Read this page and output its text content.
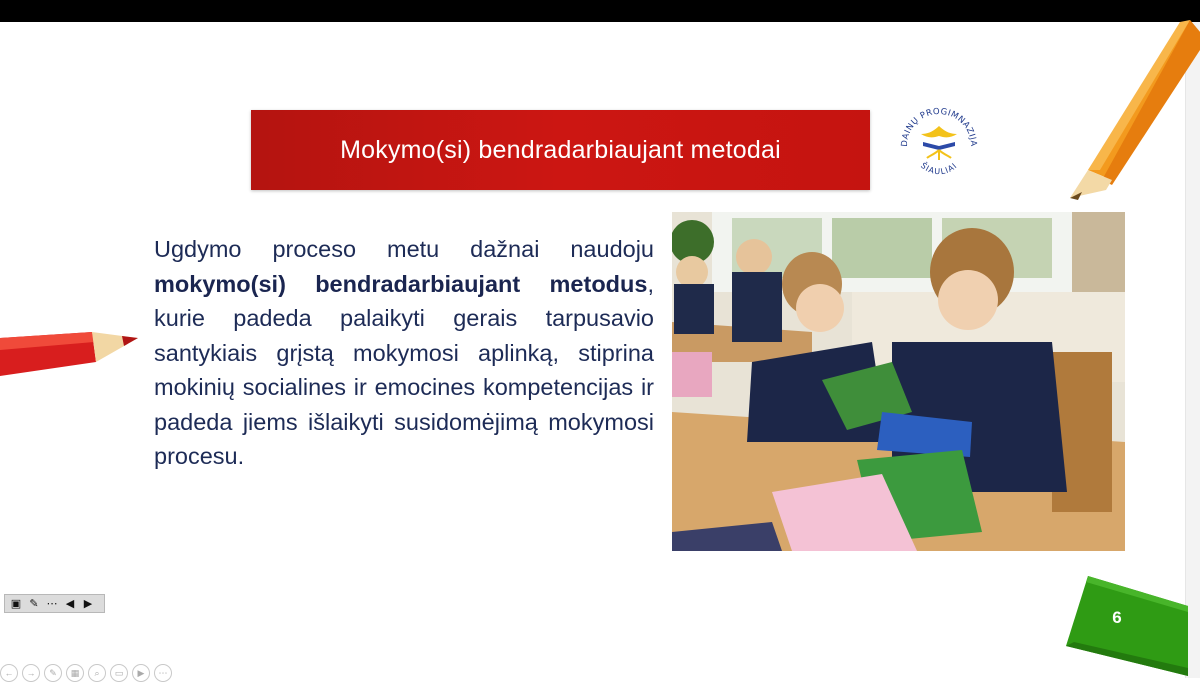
Mokymo(si) bendradarbiaujant metodai	DAINŲ PROGIMNAZIJA
ŠIAULIAI
Ugdymo proceso metu dažnai naudoju mokymo(si) bendradarbiaujant metodus, kurie padeda palaikyti gerais tarpusavio santykiais grįstą mokymosi aplinką, stiprina mokinių socialines ir emocines kompetencijas ir padeda jiems išlaikyti susidomėjimą mokymosi procesu.
▣ ✎ ⋯ ◀ ▶
6
←	→	✎	▦	⌕	▭	▶	⋯
